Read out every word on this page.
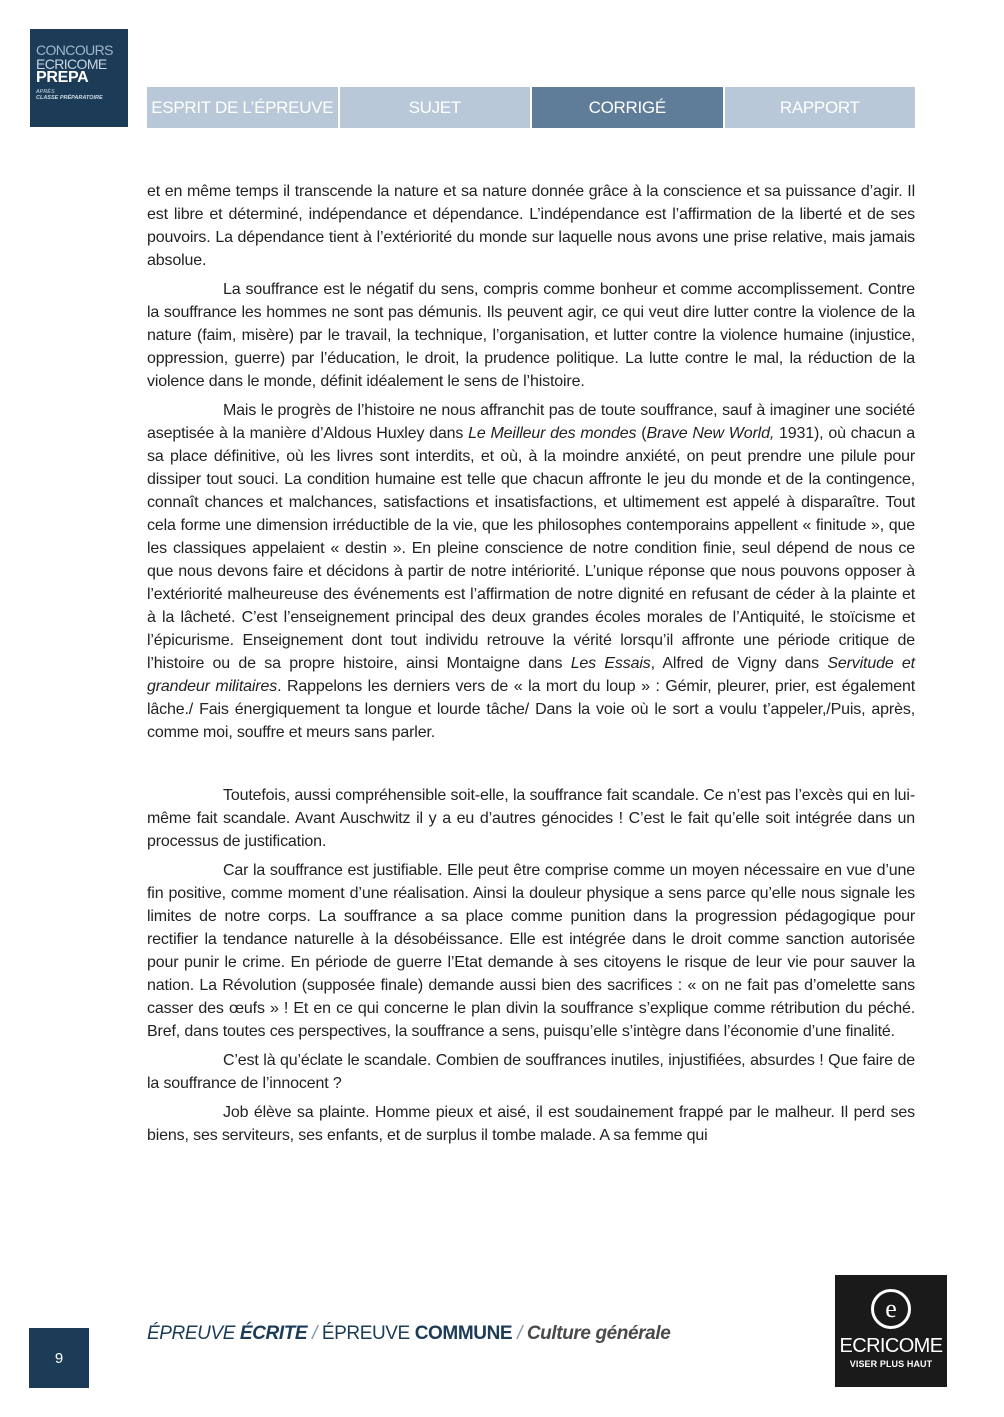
CONCOURS
ECRICOME
PREPA
APRÈS
CLASSE PRÉPARATOIRE	ESPRIT DE L’ÉPREUVE	SUJET	CORRIGÉ	RAPPORT

et en même temps il transcende la nature et sa nature donnée grâce à la conscience et sa puissance d’agir. Il est libre et déterminé, indépendance et dépendance. L’indépendance est l’affirmation de la liberté et de ses pouvoirs. La dépendance tient à l’extériorité du monde sur laquelle nous avons une prise relative, mais jamais absolue.

La souffrance est le négatif du sens, compris comme bonheur et comme accomplissement. Contre la souffrance les hommes ne sont pas démunis. Ils peuvent agir, ce qui veut dire lutter contre la violence de la nature (faim, misère) par le travail, la technique, l’organisation, et lutter contre la violence humaine (injustice, oppression, guerre) par l’éducation, le droit, la prudence politique. La lutte contre le mal, la réduction de la violence dans le monde, définit idéalement le sens de l’histoire.

Mais le progrès de l’histoire ne nous affranchit pas de toute souffrance, sauf à imaginer une société aseptisée à la manière d’Aldous Huxley dans Le Meilleur des mondes (Brave New World, 1931), où chacun a sa place définitive, où les livres sont interdits, et où, à la moindre anxiété, on peut prendre une pilule pour dissiper tout souci. La condition humaine est telle que chacun affronte le jeu du monde et de la contingence, connaît chances et malchances, satisfactions et insatisfactions, et ultimement est appelé à disparaître. Tout cela forme une dimension irréductible de la vie, que les philosophes contemporains appellent « finitude », que les classiques appelaient « destin ». En pleine conscience de notre condition finie, seul dépend de nous ce que nous devons faire et décidons à partir de notre intériorité. L’unique réponse que nous pouvons opposer à l’extériorité malheureuse des événements est l’affirmation de notre dignité en refusant de céder à la plainte et à la lâcheté. C’est l’enseignement principal des deux grandes écoles morales de l’Antiquité, le stoïcisme et l’épicurisme. Enseignement dont tout individu retrouve la vérité lorsqu’il affronte une période critique de l’histoire ou de sa propre histoire, ainsi Montaigne dans Les Essais, Alfred de Vigny dans Servitude et grandeur militaires. Rappelons les derniers vers de « la mort du loup » : Gémir, pleurer, prier, est également lâche./ Fais énergiquement ta longue et lourde tâche/ Dans la voie où le sort a voulu t’appeler,/Puis, après, comme moi, souffre et meurs sans parler.

Toutefois, aussi compréhensible soit-elle, la souffrance fait scandale. Ce n’est pas l’excès qui en lui-même fait scandale. Avant Auschwitz il y a eu d’autres génocides ! C’est le fait qu’elle soit intégrée dans un processus de justification.

Car la souffrance est justifiable. Elle peut être comprise comme un moyen nécessaire en vue d’une fin positive, comme moment d’une réalisation. Ainsi la douleur physique a sens parce qu’elle nous signale les limites de notre corps. La souffrance a sa place comme punition dans la progression pédagogique pour rectifier la tendance naturelle à la désobéissance. Elle est intégrée dans le droit comme sanction autorisée pour punir le crime. En période de guerre l’Etat demande à ses citoyens le risque de leur vie pour sauver la nation. La Révolution (supposée finale) demande aussi bien des sacrifices : « on ne fait pas d’omelette sans casser des œufs » ! Et en ce qui concerne le plan divin la souffrance s’explique comme rétribution du péché. Bref, dans toutes ces perspectives, la souffrance a sens, puisqu’elle s’intègre dans l’économie d’une finalité.

C’est là qu’éclate le scandale. Combien de souffrances inutiles, injustifiées, absurdes ! Que faire de la souffrance de l’innocent ?

Job élève sa plainte. Homme pieux et aisé, il est soudainement frappé par le malheur. Il perd ses biens, ses serviteurs, ses enfants, et de surplus il tombe malade. A sa femme qui

9
ÉPREUVE ÉCRITE / ÉPREUVE COMMUNE / Culture générale
e
ECRICOME
VISER PLUS HAUT
